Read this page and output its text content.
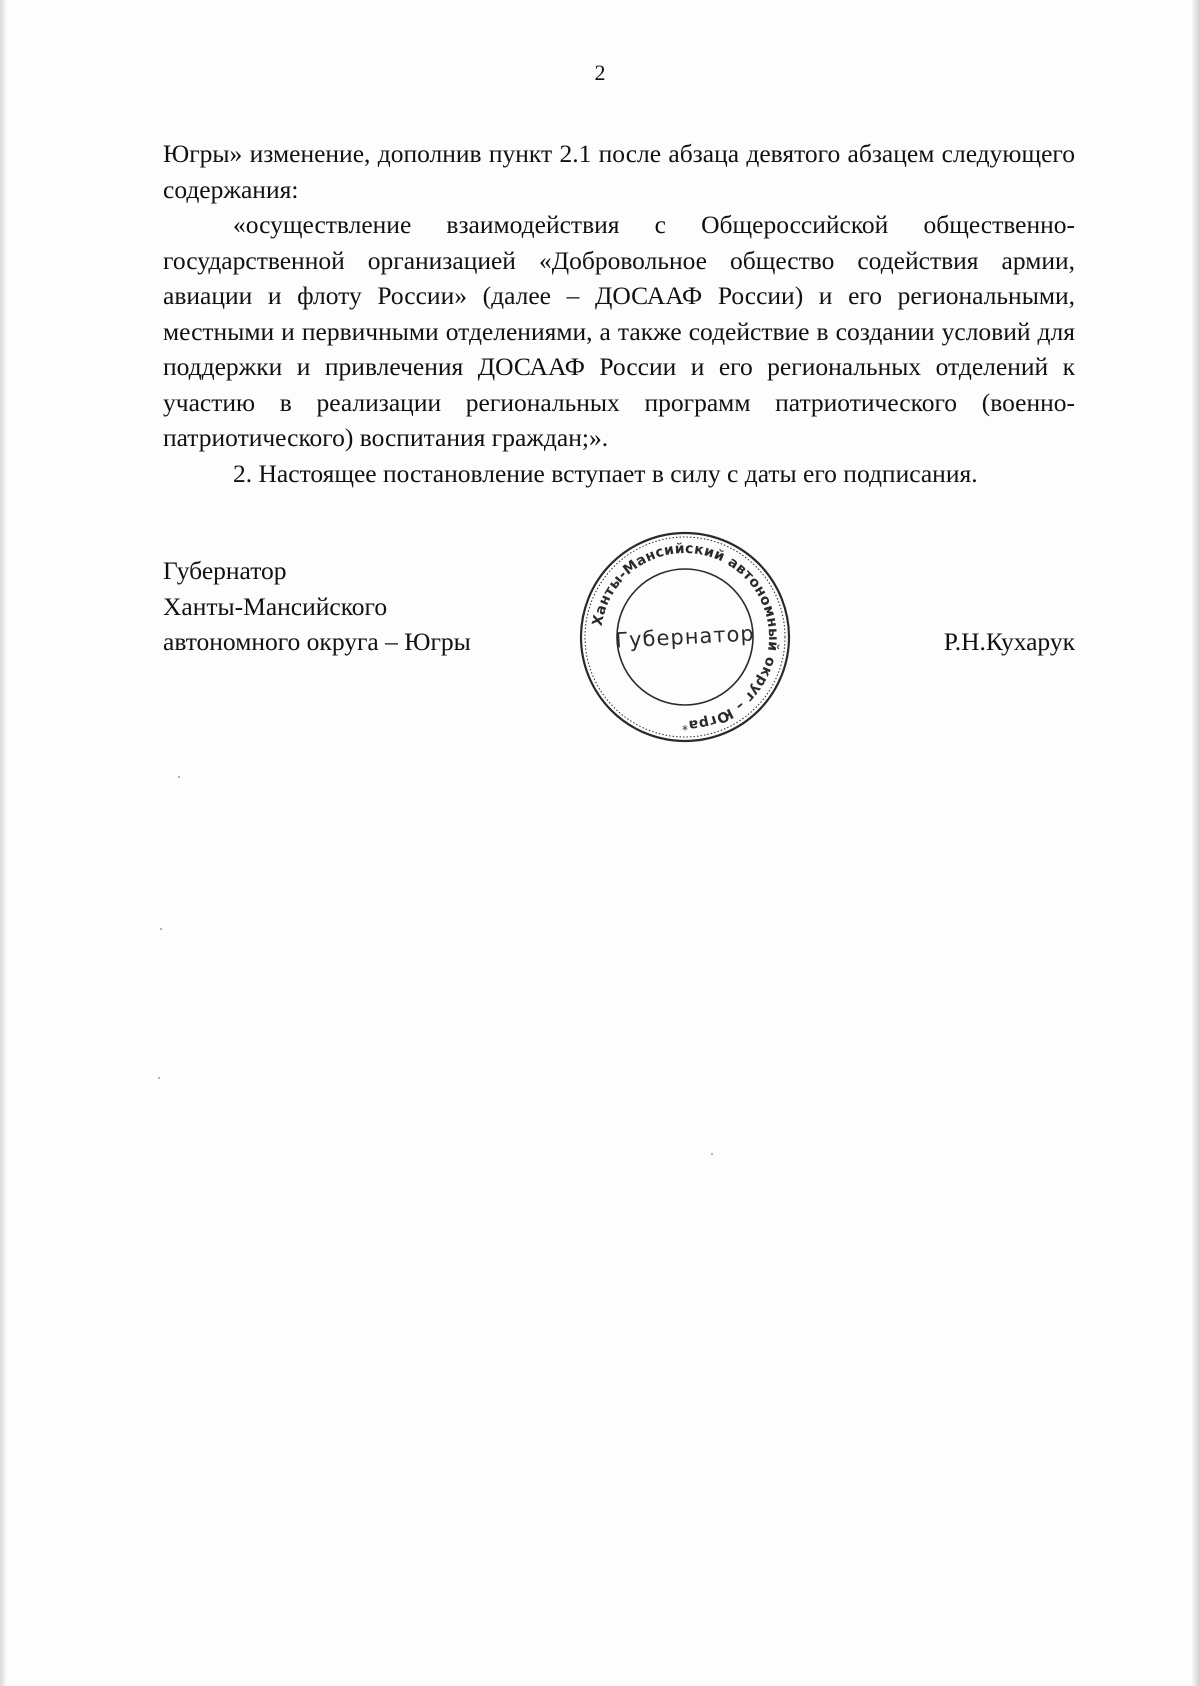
2

Югры» изменение, дополнив пункт 2.1 после абзаца девятого абзацем следующего содержания:

«осуществление взаимодействия с Общероссийской общественно-государственной организацией «Добровольное общество содействия армии, авиации и флоту России» (далее – ДОСААФ России) и его региональными, местными и первичными отделениями, а также содействие в создании условий для поддержки и привлечения ДОСААФ России и его региональных отделений к участию в реализации региональных программ патриотического (военно-патриотического) воспитания граждан;».

2. Настоящее постановление вступает в силу с даты его подписания.

Губернатор
Ханты-Мансийского
автономного округа – Югры	Р.Н.Кухарук
Ханты-Мансийский автономный округ – Югра
Губернатор
*
